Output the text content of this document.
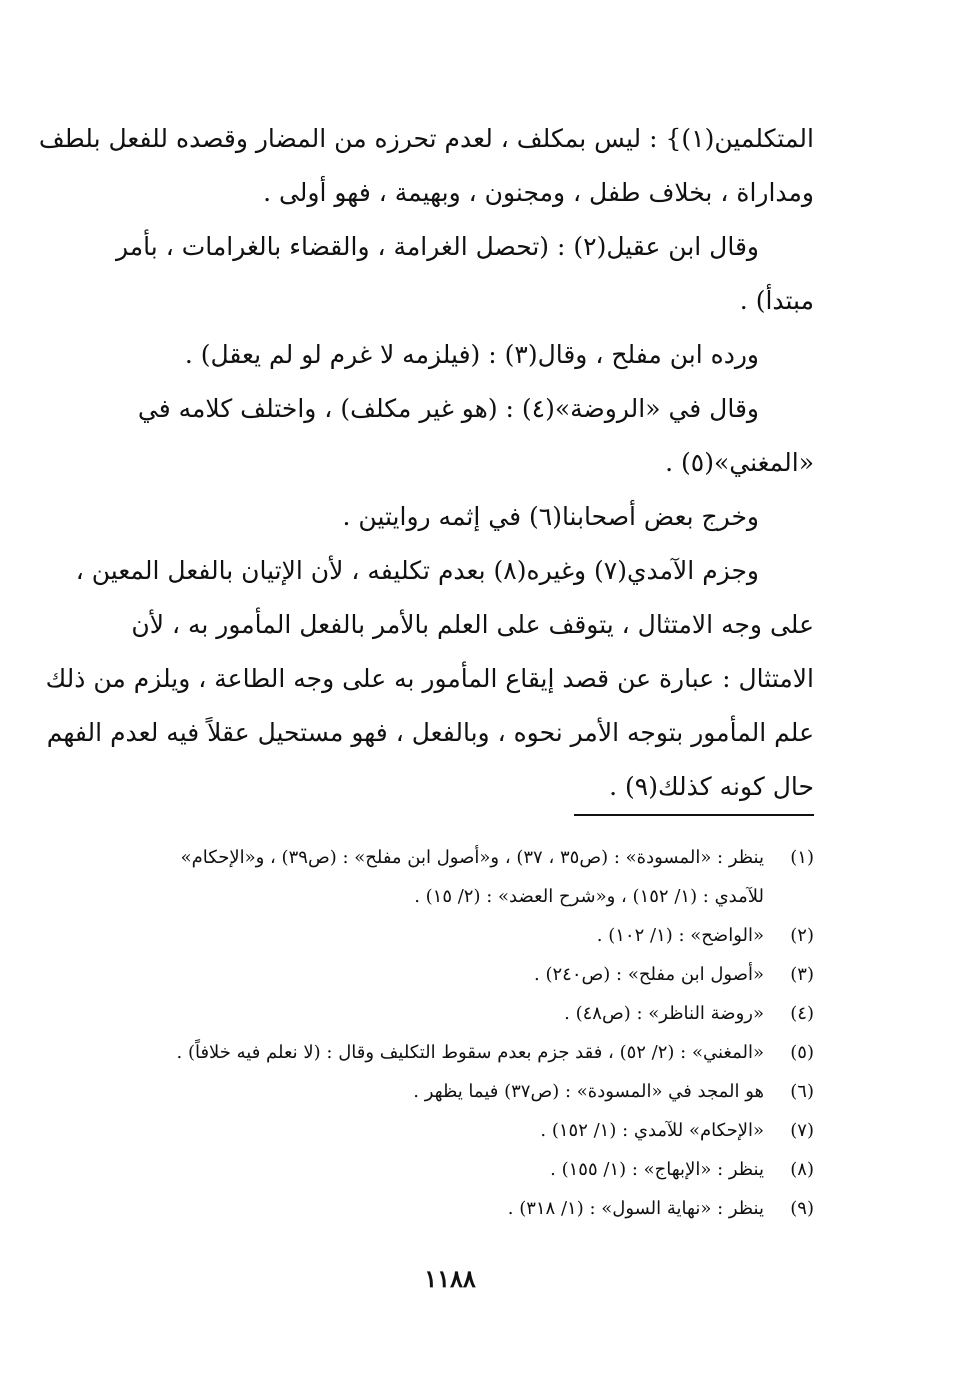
المتكلمين(١)} : ليس بمكلف ، لعدم تحرزه من المضار وقصده للفعل بلطف
ومداراة ، بخلاف طفل ، ومجنون ، وبهيمة ، فهو أولى .
وقال ابن عقيل(٢) : (تحصل الغرامة ، والقضاء بالغرامات ، بأمر
مبتدأ) .
ورده ابن مفلح ، وقال(٣) : (فيلزمه لا غرم لو لم يعقل) .
وقال في «الروضة»(٤) : (هو غير مكلف) ، واختلف كلامه في
«المغني»(٥) .
وخرج بعض أصحابنا(٦) في إثمه روايتين .
وجزم الآمدي(٧) وغيره(٨) بعدم تكليفه ، لأن الإتيان بالفعل المعين ،
على وجه الامتثال ، يتوقف على العلم بالأمر بالفعل المأمور به ، لأن
الامتثال : عبارة عن قصد إيقاع المأمور به على وجه الطاعة ، ويلزم من ذلك
علم المأمور بتوجه الأمر نحوه ، وبالفعل ، فهو مستحيل عقلاً فيه لعدم الفهم
حال كونه كذلك(٩) .
(١)
ينظر : «المسودة» : (ص٣٥ ، ٣٧) ، و«أصول ابن مفلح» : (ص٣٩) ، و«الإحكام»
للآمدي : (١/ ١٥٢) ، و«شرح العضد» : (٢/ ١٥) .
(٢)
«الواضح» : (١/ ١٠٢) .
(٣)
«أصول ابن مفلح» : (ص٢٤٠) .
(٤)
«روضة الناظر» : (ص٤٨) .
(٥)
«المغني» : (٢/ ٥٢) ، فقد جزم بعدم سقوط التكليف وقال : (لا نعلم فيه خلافاً) .
(٦)
هو المجد في «المسودة» : (ص٣٧) فيما يظهر .
(٧)
«الإحكام» للآمدي : (١/ ١٥٢) .
(٨)
ينظر : «الإبهاج» : (١/ ١٥٥) .
(٩)
ينظر : «نهاية السول» : (١/ ٣١٨) .
١١٨٨
